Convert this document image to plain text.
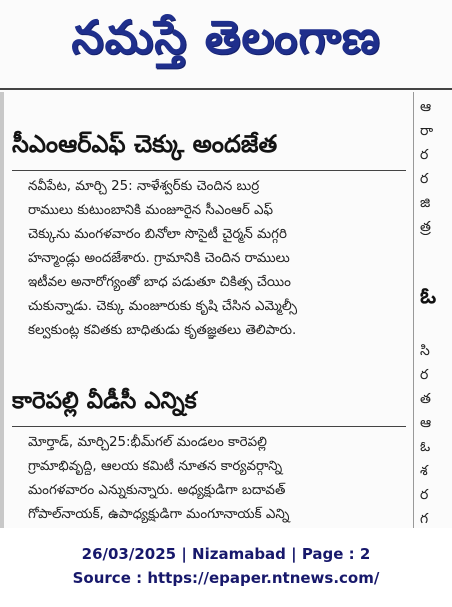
నమస్తే తెలంగాణ
సీఎంఆర్ఎఫ్ చెక్కు అందజేత
నవీపేట, మార్చి 25: నాళేశ్వర్‌కు చెందిన బుర్ర
రాములు కుటుంబానికి మంజూరైన సీఎంఆర్ ఎఫ్
చెక్కును మంగళవారం బినోలా సొసైటీ చైర్మన్ మగ్గరి
హన్మాండ్లు అందజేశారు. గ్రామానికి చెందిన రాములు
ఇటీవల అనారోగ్యంతో బాధ పడుతూ చికిత్స చేయిం
చుకున్నాడు. చెక్కు మంజూరుకు కృషి చేసిన ఎమ్మెల్సీ
కల్వకుంట్ల కవితకు బాధితుడు కృతజ్ఞతలు తెలిపారు.
కారెపల్లి వీడీసీ ఎన్నిక
మోర్తాడ్, మార్చి25:భీమ్‌గల్ మండలం కారెపల్లి
గ్రామాభివృద్ధి, ఆలయ కమిటీ నూతన కార్యవర్గాన్ని
మంగళవారం ఎన్నుకున్నారు. అధ్యక్షుడిగా బదావత్
గోపాల్‌నాయక్, ఉపాధ్యక్షుడిగా మంగూనాయక్ ఎన్ని
ఆ
రా
ర
ర
జి
త్ర
ఓ
సి
ర
త
ఆ
ఓ
శ
ర
గ
26/03/2025 | Nizamabad | Page : 2
Source : https://epaper.ntnews.com/
